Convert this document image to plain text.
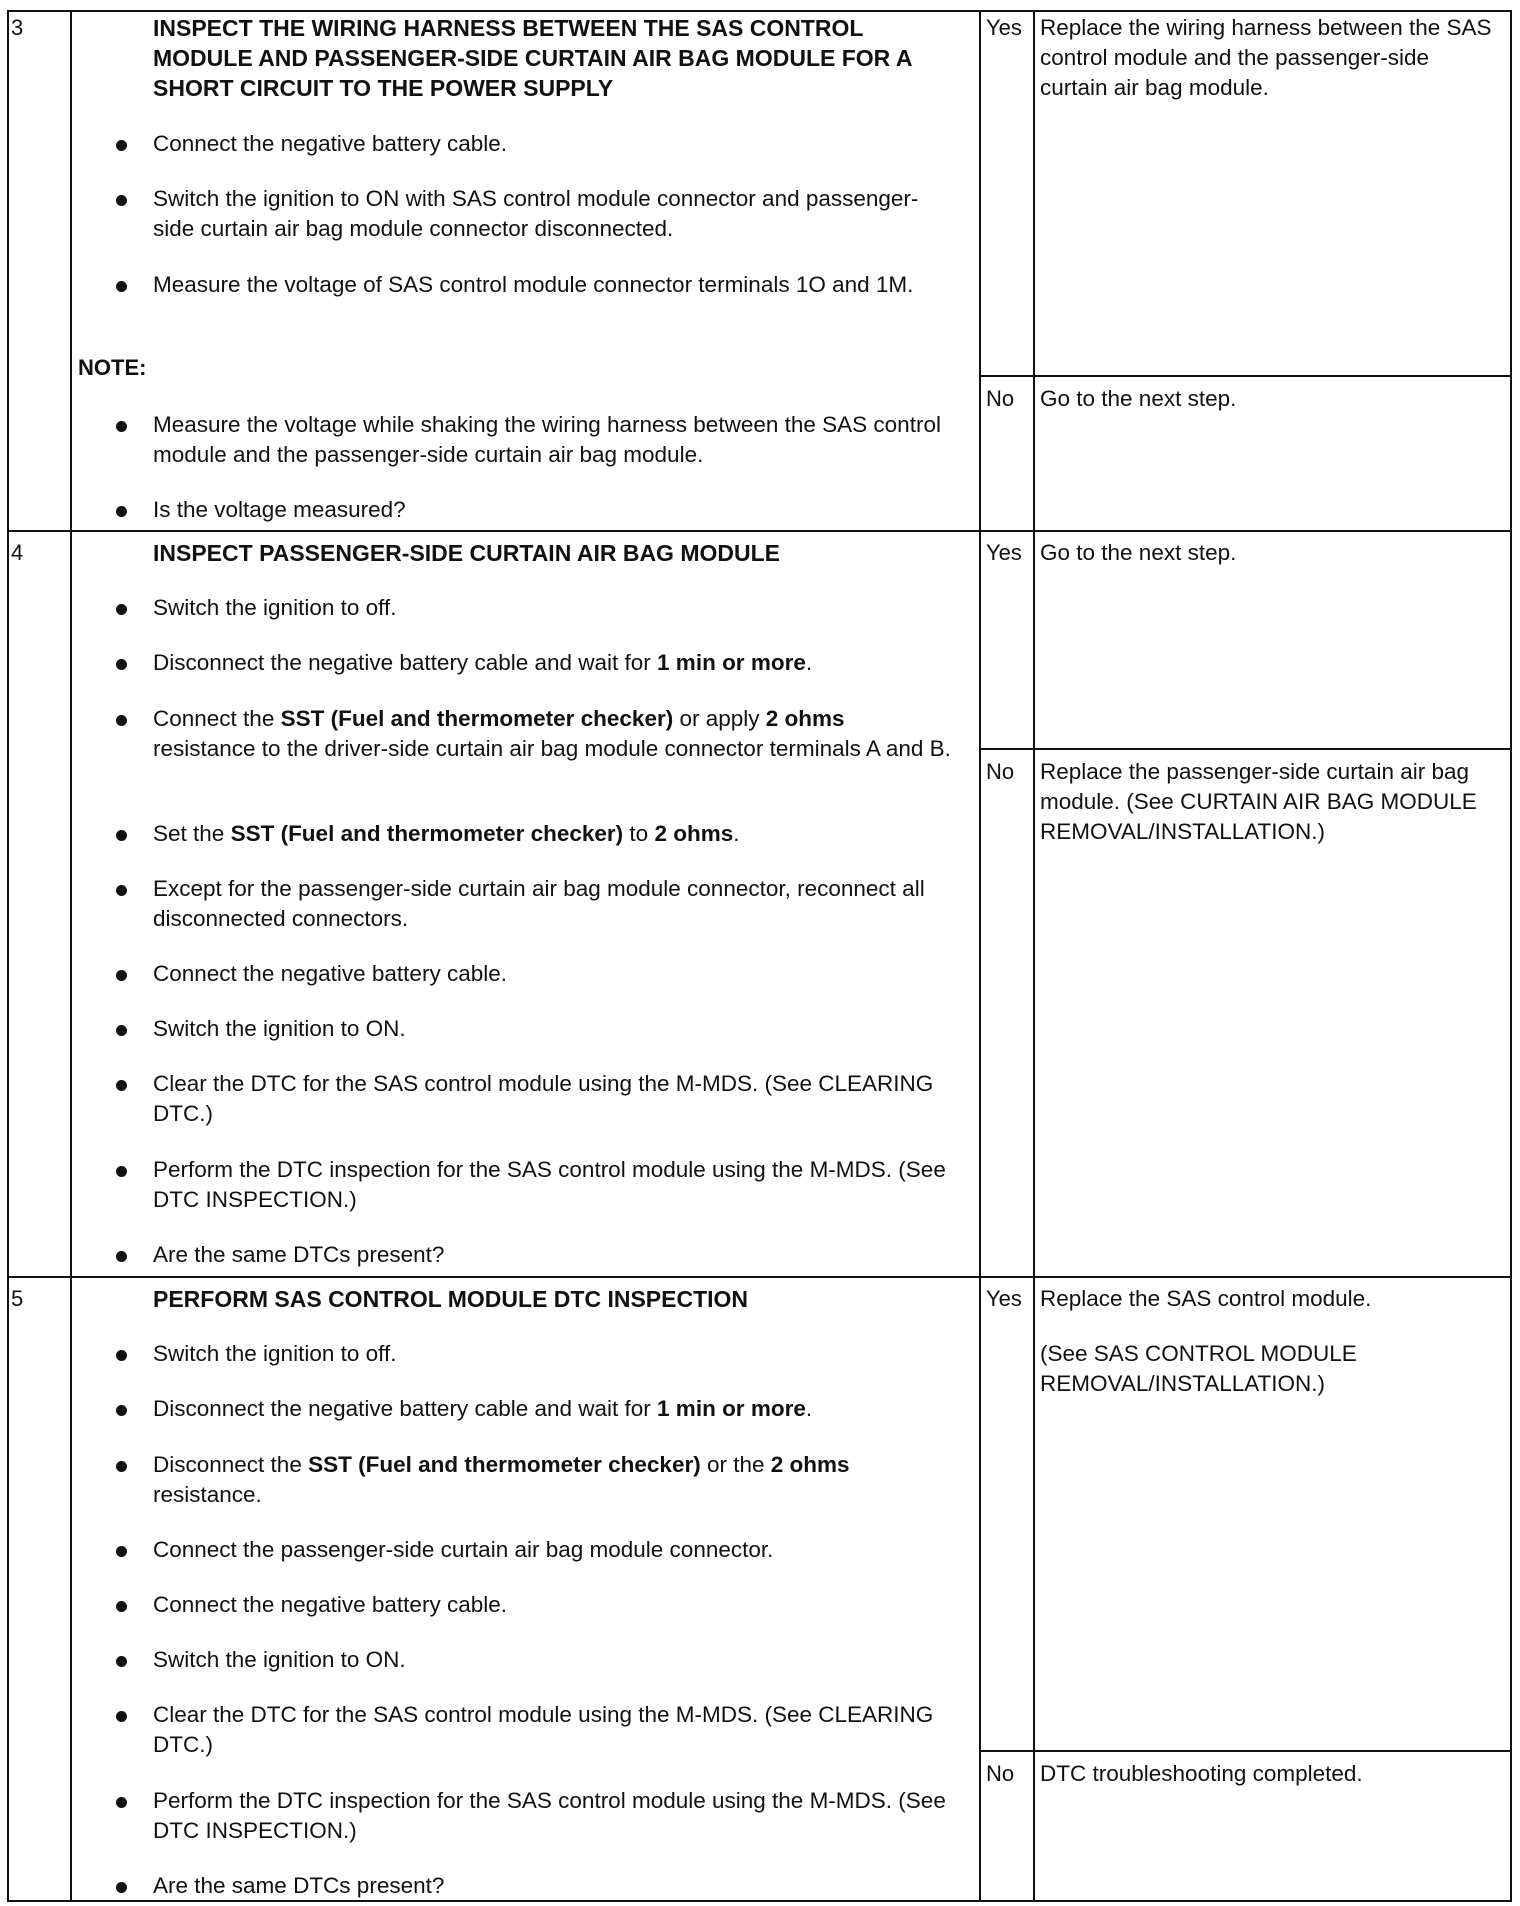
3	INSPECT THE WIRING HARNESS BETWEEN THE SAS CONTROL MODULE AND PASSENGER-SIDE CURTAIN AIR BAG MODULE FOR A SHORT CIRCUIT TO THE POWER SUPPLY
Connect the negative battery cable.
Switch the ignition to ON with SAS control module connector and passenger-side curtain air bag module connector disconnected.
Measure the voltage of SAS control module connector terminals 1O and 1M.
NOTE:
Measure the voltage while shaking the wiring harness between the SAS control module and the passenger-side curtain air bag module.
Is the voltage measured?
Yes Replace the wiring harness between the SAS control module and the passenger-side curtain air bag module.
No Go to the next step.
4	INSPECT PASSENGER-SIDE CURTAIN AIR BAG MODULE
Switch the ignition to off.
Disconnect the negative battery cable and wait for 1 min or more.
Connect the SST (Fuel and thermometer checker) or apply 2 ohms resistance to the driver-side curtain air bag module connector terminals A and B.
Set the SST (Fuel and thermometer checker) to 2 ohms.
Except for the passenger-side curtain air bag module connector, reconnect all disconnected connectors.
Connect the negative battery cable.
Switch the ignition to ON.
Clear the DTC for the SAS control module using the M-MDS. (See CLEARING DTC.)
Perform the DTC inspection for the SAS control module using the M-MDS. (See DTC INSPECTION.)
Are the same DTCs present?
Yes Go to the next step.
No Replace the passenger-side curtain air bag module. (See CURTAIN AIR BAG MODULE REMOVAL/INSTALLATION.)
5	PERFORM SAS CONTROL MODULE DTC INSPECTION
Switch the ignition to off.
Disconnect the negative battery cable and wait for 1 min or more.
Disconnect the SST (Fuel and thermometer checker) or the 2 ohms resistance.
Connect the passenger-side curtain air bag module connector.
Connect the negative battery cable.
Switch the ignition to ON.
Clear the DTC for the SAS control module using the M-MDS. (See CLEARING DTC.)
Perform the DTC inspection for the SAS control module using the M-MDS. (See DTC INSPECTION.)
Are the same DTCs present?
Yes Replace the SAS control module.
(See SAS CONTROL MODULE REMOVAL/INSTALLATION.)
No DTC troubleshooting completed.
